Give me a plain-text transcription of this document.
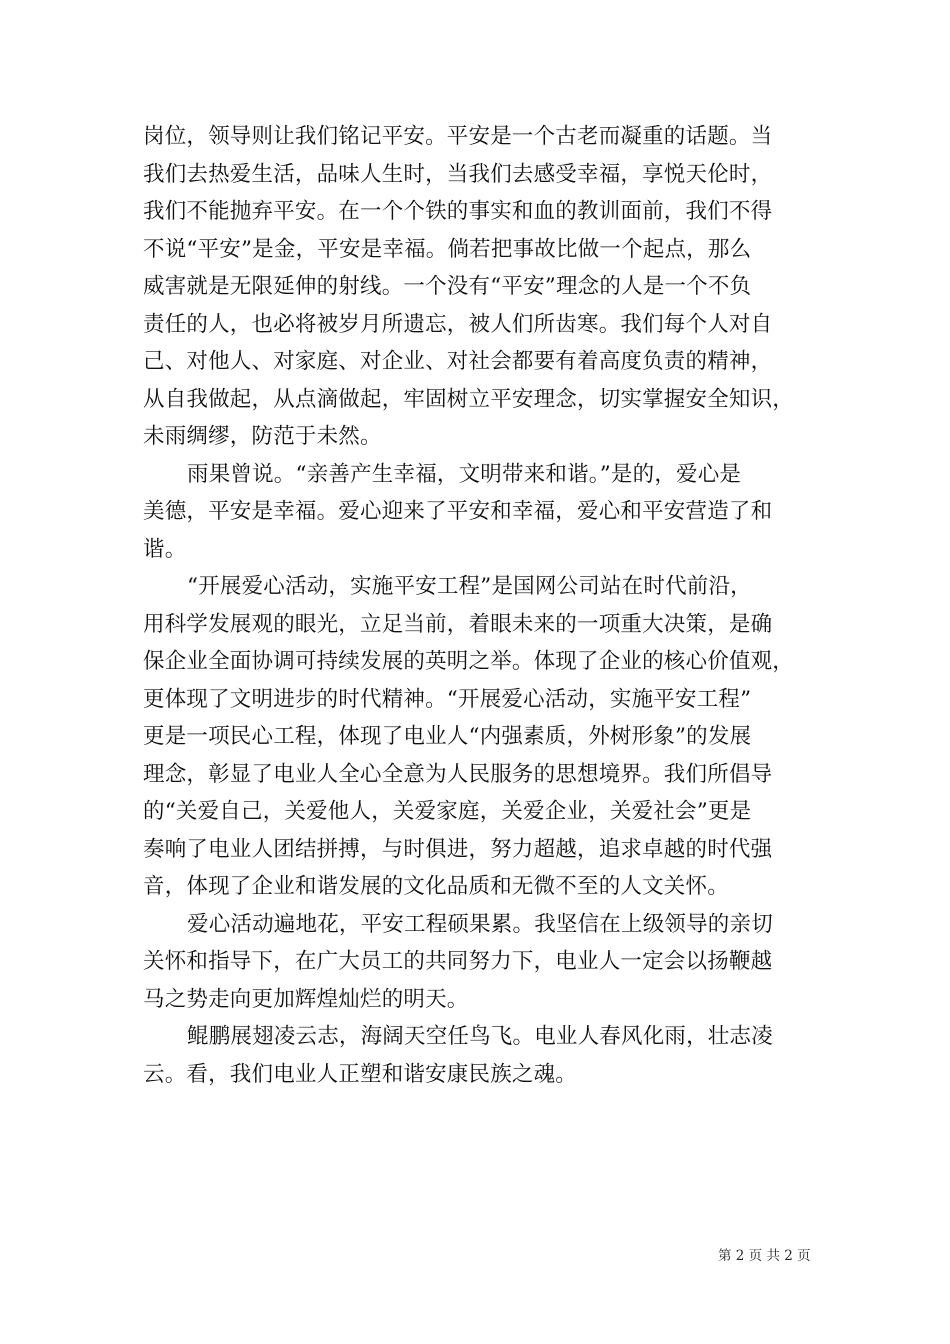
岗位，领导则让我们铭记平安。平安是一个古老而凝重的话题。当
我们去热爱生活，品味人生时，当我们去感受幸福，享悦天伦时，
我们不能抛弃平安。在一个个铁的事实和血的教训面前，我们不得
不说“平安”是金，平安是幸福。倘若把事故比做一个起点，那么
威害就是无限延伸的射线。一个没有“平安”理念的人是一个不负
责任的人，也必将被岁月所遗忘，被人们所齿寒。我们每个人对自
己、对他人、对家庭、对企业、对社会都要有着高度负责的精神，
从自我做起，从点滴做起，牢固树立平安理念，切实掌握安全知识，
未雨绸缪，防范于未然。
雨果曾说。“亲善产生幸福，文明带来和谐。”是的，爱心是
美德，平安是幸福。爱心迎来了平安和幸福，爱心和平安营造了和
谐。
“开展爱心活动，实施平安工程”是国网公司站在时代前沿，
用科学发展观的眼光，立足当前，着眼未来的一项重大决策，是确
保企业全面协调可持续发展的英明之举。体现了企业的核心价值观，
更体现了文明进步的时代精神。“开展爱心活动，实施平安工程”
更是一项民心工程，体现了电业人“内强素质，外树形象”的发展
理念，彰显了电业人全心全意为人民服务的思想境界。我们所倡导
的“关爱自己，关爱他人，关爱家庭，关爱企业，关爱社会”更是
奏响了电业人团结拼搏，与时俱进，努力超越，追求卓越的时代强
音，体现了企业和谐发展的文化品质和无微不至的人文关怀。
爱心活动遍地花，平安工程硕果累。我坚信在上级领导的亲切
关怀和指导下，在广大员工的共同努力下，电业人一定会以扬鞭越
马之势走向更加辉煌灿烂的明天。
鲲鹏展翅凌云志，海阔天空任鸟飞。电业人春风化雨，壮志凌
云。看，我们电业人正塑和谐安康民族之魂。
第 2 页 共 2 页
